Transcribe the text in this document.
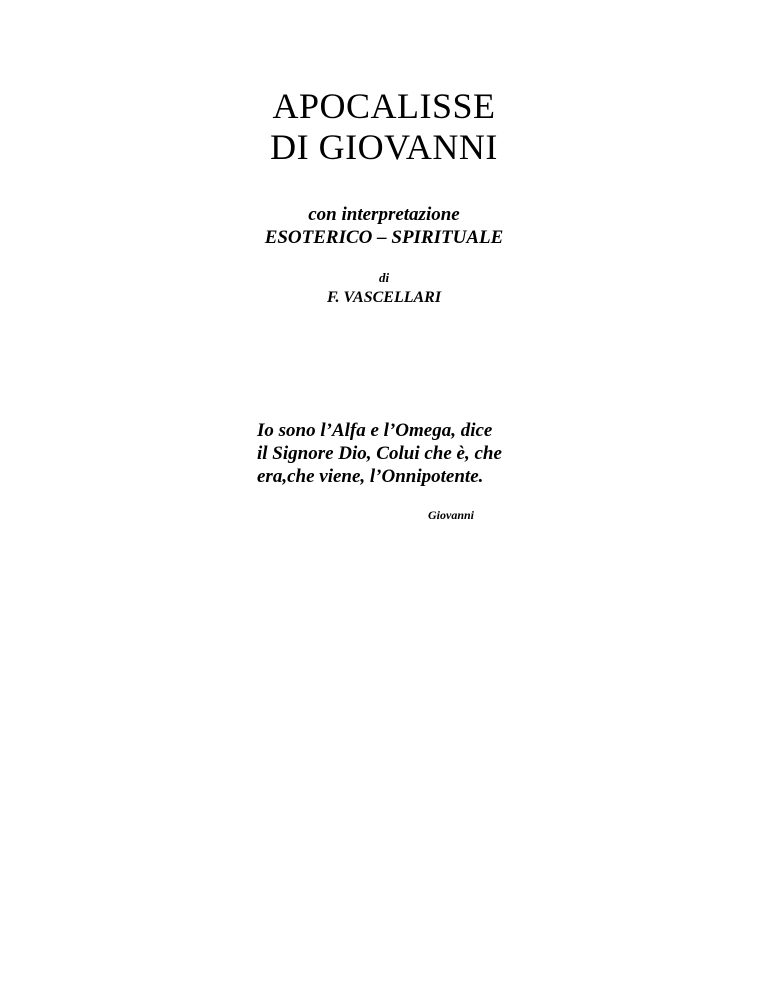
APOCALISSE
DI GIOVANNI
con interpretazione
ESOTERICO – SPIRITUALE
di
F. VASCELLARI
Io sono l’Alfa e l’Omega, dice
il Signore Dio, Colui che è, che
era,che viene, l’Onnipotente.
Giovanni
